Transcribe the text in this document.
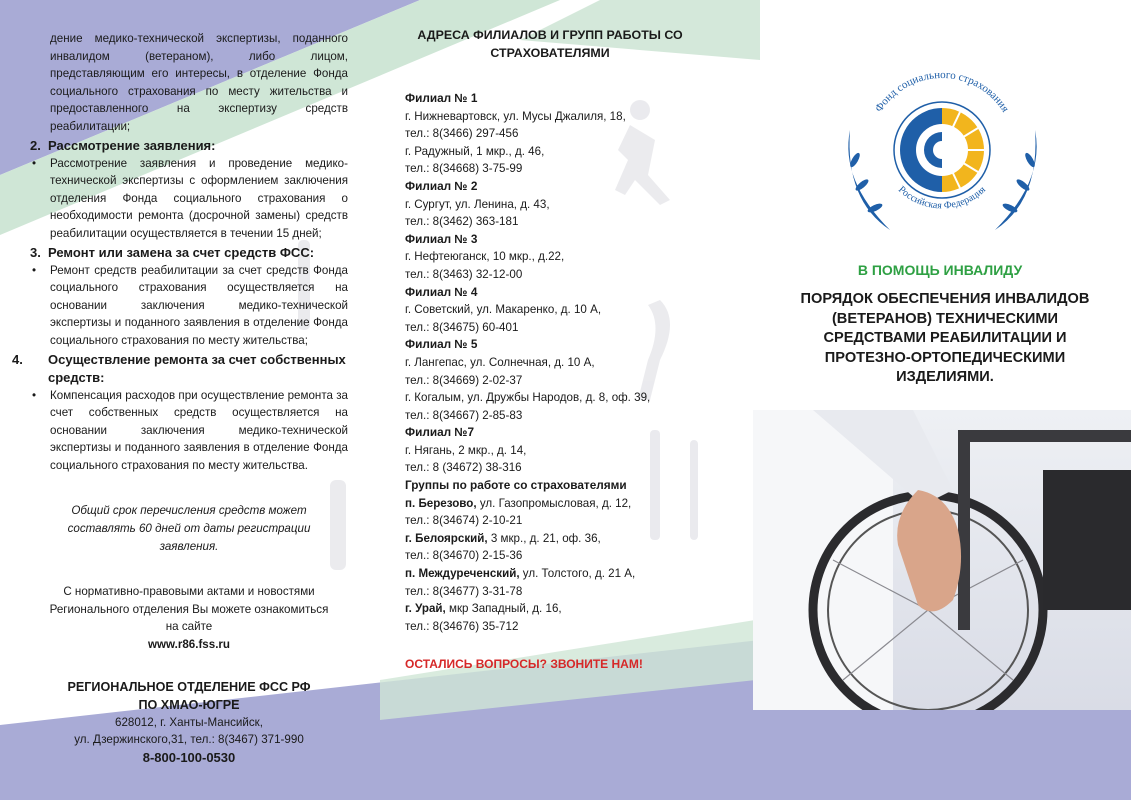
дение медико-технической экспертизы, поданного инвалидом (ветераном), либо лицом, представляющим его интересы, в отделение Фонда социального страхования по месту жительства и предоставленного на экспертизу средств реабилитации;
2. Рассмотрение заявления:
• Рассмотрение заявления и проведение медико-технической экспертизы с оформлением заключения отделения Фонда социального страхования о необходимости ремонта (досрочной замены) средств реабилитации осуществляется в течении 15 дней;
3. Ремонт или замена за счет средств ФСС:
• Ремонт средств реабилитации за счет средств Фонда социального страхования осуществляется на основании заключения медико-технической экспертизы и поданного заявления в отделение Фонда социального страхования по месту жительства;
4. Осуществление ремонта за счет собственных средств:
• Компенсация расходов при осуществление ремонта за счет собственных средств осуществляется на основании заключения медико-технической экспертизы и поданного заявления в отделение Фонда социального страхования по месту жительства.
Общий срок перечисления средств может составлять 60 дней от даты регистрации заявления.
С нормативно-правовыми актами и новостями
Регионального отделения Вы можете ознакомиться
на сайте
www.r86.fss.ru
РЕГИОНАЛЬНОЕ ОТДЕЛЕНИЕ ФСС РФ
ПО ХМАО-ЮГРЕ
628012, г. Ханты-Мансийск,
ул. Дзержинского,31, тел.: 8(3467) 371-990
8-800-100-0530
АДРЕСА ФИЛИАЛОВ И ГРУПП РАБОТЫ СО СТРАХОВАТЕЛЯМИ
Филиал № 1
г. Нижневартовск, ул. Мусы Джалиля, 18,
тел.: 8(3466) 297-456
г. Радужный, 1 мкр., д. 46,
тел.: 8(34668) 3-75-99
Филиал № 2
г. Сургут, ул. Ленина, д. 43,
тел.: 8(3462) 363-181
Филиал № 3
г. Нефтеюганск, 10 мкр., д.22,
тел.: 8(3463) 32-12-00
Филиал № 4
г. Советский, ул. Макаренко, д. 10 А,
тел.: 8(34675) 60-401
Филиал № 5
г. Лангепас, ул. Солнечная, д. 10 А,
тел.: 8(34669) 2-02-37
г. Когалым, ул. Дружбы Народов, д. 8, оф. 39,
тел.: 8(34667) 2-85-83
Филиал №7
г. Нягань, 2 мкр., д. 14,
тел.: 8 (34672) 38-316
Группы по работе со страхователями
п. Березово, ул. Газопромысловая, д. 12,
тел.: 8(34674) 2-10-21
г. Белоярский, 3 мкр., д. 21, оф. 36,
тел.: 8(34670) 2-15-36
п. Междуреченский, ул. Толстого, д. 21 А,
тел.: 8(34677) 3-31-78
г. Урай, мкр Западный, д. 16,
тел.: 8(34676) 35-712
ОСТАЛИСЬ ВОПРОСЫ? ЗВОНИТЕ НАМ!
Фонд социального страхования
Российская Федерация
В ПОМОЩЬ ИНВАЛИДУ
ПОРЯДОК ОБЕСПЕЧЕНИЯ ИНВАЛИДОВ (ВЕТЕРАНОВ) ТЕХНИЧЕСКИМИ СРЕДСТВАМИ РЕАБИЛИТАЦИИ И ПРОТЕЗНО-ОРТОПЕДИЧЕСКИМИ ИЗДЕЛИЯМИ.
